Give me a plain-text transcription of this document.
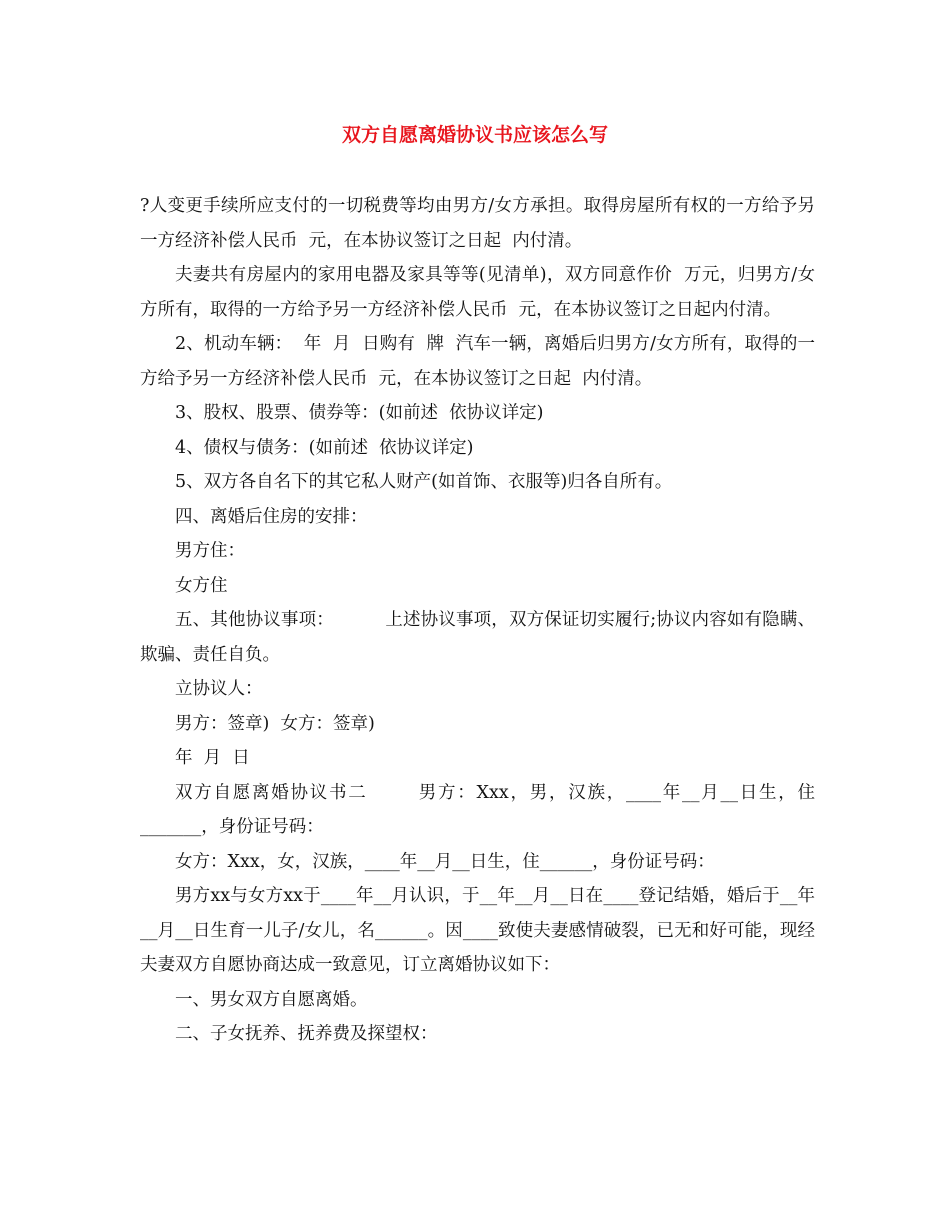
双方自愿离婚协议书应该怎么写

?人变更手续所应支付的一切税费等均由男方/女方承担。取得房屋所有权的一方给予另一方经济补偿人民币  元，在本协议签订之日起  内付清。

夫妻共有房屋内的家用电器及家具等等(见清单)，双方同意作价  万元，归男方/女方所有，取得的一方给予另一方经济补偿人民币  元，在本协议签订之日起内付清。

2、机动车辆：  年  月  日购有  牌  汽车一辆，离婚后归男方/女方所有，取得的一方给予另一方经济补偿人民币  元，在本协议签订之日起  内付清。

3、股权、股票、债券等：(如前述  依协议详定)

4、债权与债务：(如前述  依协议详定)

5、双方各自名下的其它私人财产(如首饰、衣服等)归各自所有。

四、离婚后住房的安排：

男方住：

女方住

五、其他协议事项：         上述协议事项，双方保证切实履行;协议内容如有隐瞒、欺骗、责任自负。

立协议人：

男方：签章)  女方：签章)

年  月  日

双方自愿离婚协议书二       男方：Xxx，男，汉族，____年__月__日生，住_______，身份证号码：

女方：Xxx，女，汉族，____年__月__日生，住______，身份证号码：

男方xx与女方xx于____年__月认识，于__年__月__日在____登记结婚，婚后于__年__月__日生育一儿子/女儿，名______。因____致使夫妻感情破裂，已无和好可能，现经夫妻双方自愿协商达成一致意见，订立离婚协议如下：

一、男女双方自愿离婚。

二、子女抚养、抚养费及探望权：
